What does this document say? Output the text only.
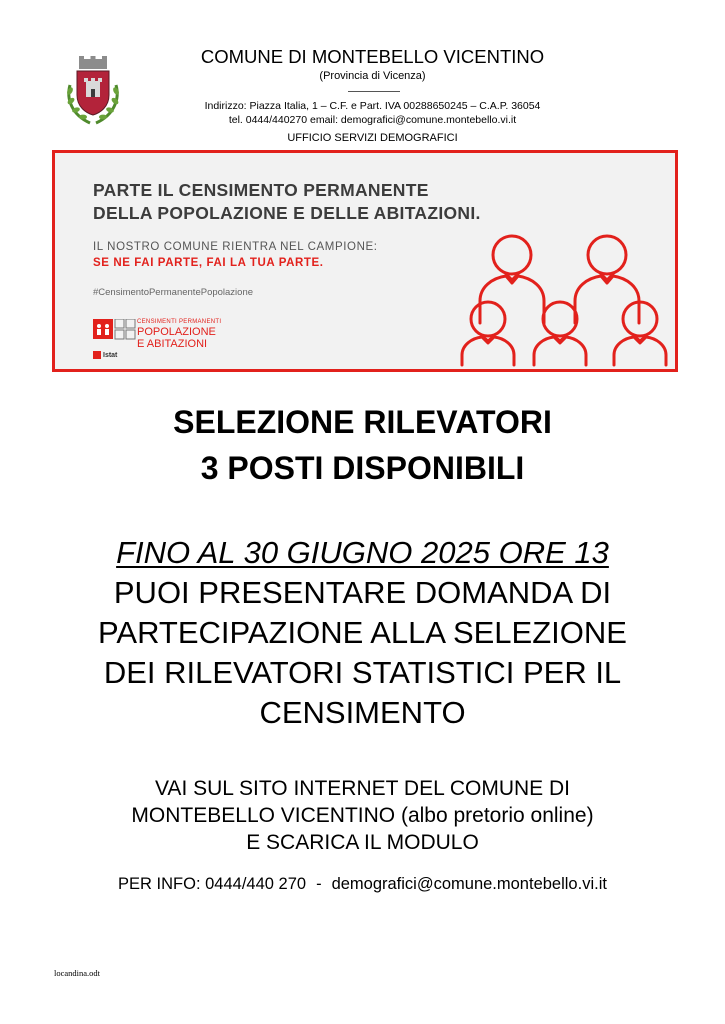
COMUNE DI MONTEBELLO VICENTINO
(Provincia di Vicenza)
Indirizzo: Piazza Italia, 1 – C.F. e Part. IVA 00288650245 – C.A.P. 36054
tel. 0444/440270 email: demografici@comune.montebello.vi.it
UFFICIO SERVIZI DEMOGRAFICI
PARTE IL CENSIMENTO PERMANENTE
DELLA POPOLAZIONE E DELLE ABITAZIONI.
IL NOSTRO COMUNE RIENTRA NEL CAMPIONE:
SE NE FAI PARTE, FAI LA TUA PARTE.
#CensimentoPermanentePopolazione
CENSIMENTI PERMANENTI
POPOLAZIONE
E ABITAZIONI
Istat
SELEZIONE RILEVATORI
3 POSTI DISPONIBILI
FINO AL 30 GIUGNO 2025 ORE 13
PUOI PRESENTARE DOMANDA DI
PARTECIPAZIONE ALLA SELEZIONE
DEI RILEVATORI STATISTICI PER IL
CENSIMENTO
VAI SUL SITO INTERNET DEL COMUNE DI
MONTEBELLO VICENTINO (albo pretorio online)
E SCARICA IL MODULO
PER INFO: 0444/440 270 - demografici@comune.montebello.vi.it
locandina.odt
